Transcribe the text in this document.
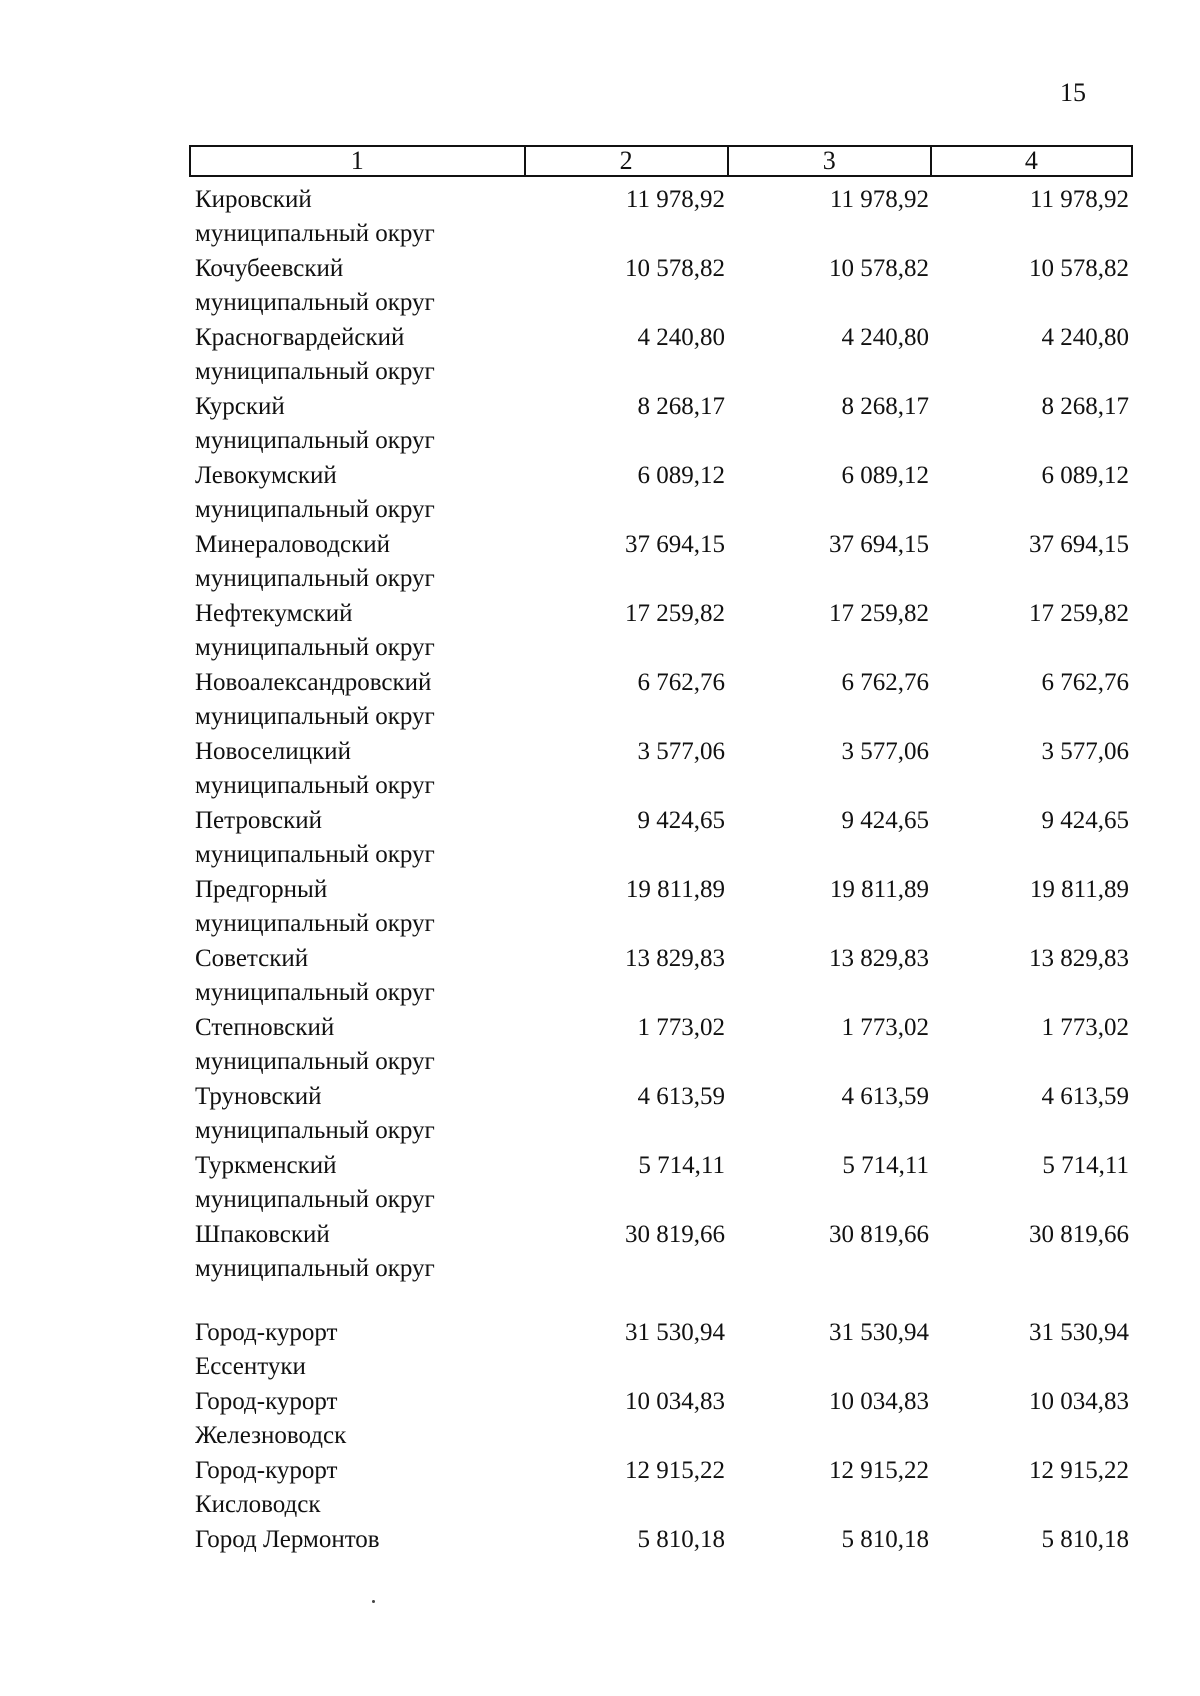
15
1	2	3	4
Кировский
муниципальный округ
11 978,92	11 978,92	11 978,92
Кочубеевский
муниципальный округ
10 578,82	10 578,82	10 578,82
Красногвардейский
муниципальный округ
4 240,80	4 240,80	4 240,80
Курский
муниципальный округ
8 268,17	8 268,17	8 268,17
Левокумский
муниципальный округ
6 089,12	6 089,12	6 089,12
Минераловодский
муниципальный округ
37 694,15	37 694,15	37 694,15
Нефтекумский
муниципальный округ
17 259,82	17 259,82	17 259,82
Новоалександровский
муниципальный округ
6 762,76	6 762,76	6 762,76
Новоселицкий
муниципальный округ
3 577,06	3 577,06	3 577,06
Петровский
муниципальный округ
9 424,65	9 424,65	9 424,65
Предгорный
муниципальный округ
19 811,89	19 811,89	19 811,89
Советский
муниципальный округ
13 829,83	13 829,83	13 829,83
Степновский
муниципальный округ
1 773,02	1 773,02	1 773,02
Труновский
муниципальный округ
4 613,59	4 613,59	4 613,59
Туркменский
муниципальный округ
5 714,11	5 714,11	5 714,11
Шпаковский
муниципальный округ
30 819,66	30 819,66	30 819,66
Город-курорт
Ессентуки
31 530,94	31 530,94	31 530,94
Город-курорт
Железноводск
10 034,83	10 034,83	10 034,83
Город-курорт
Кисловодск
12 915,22	12 915,22	12 915,22
Город Лермонтов	5 810,18	5 810,18	5 810,18
